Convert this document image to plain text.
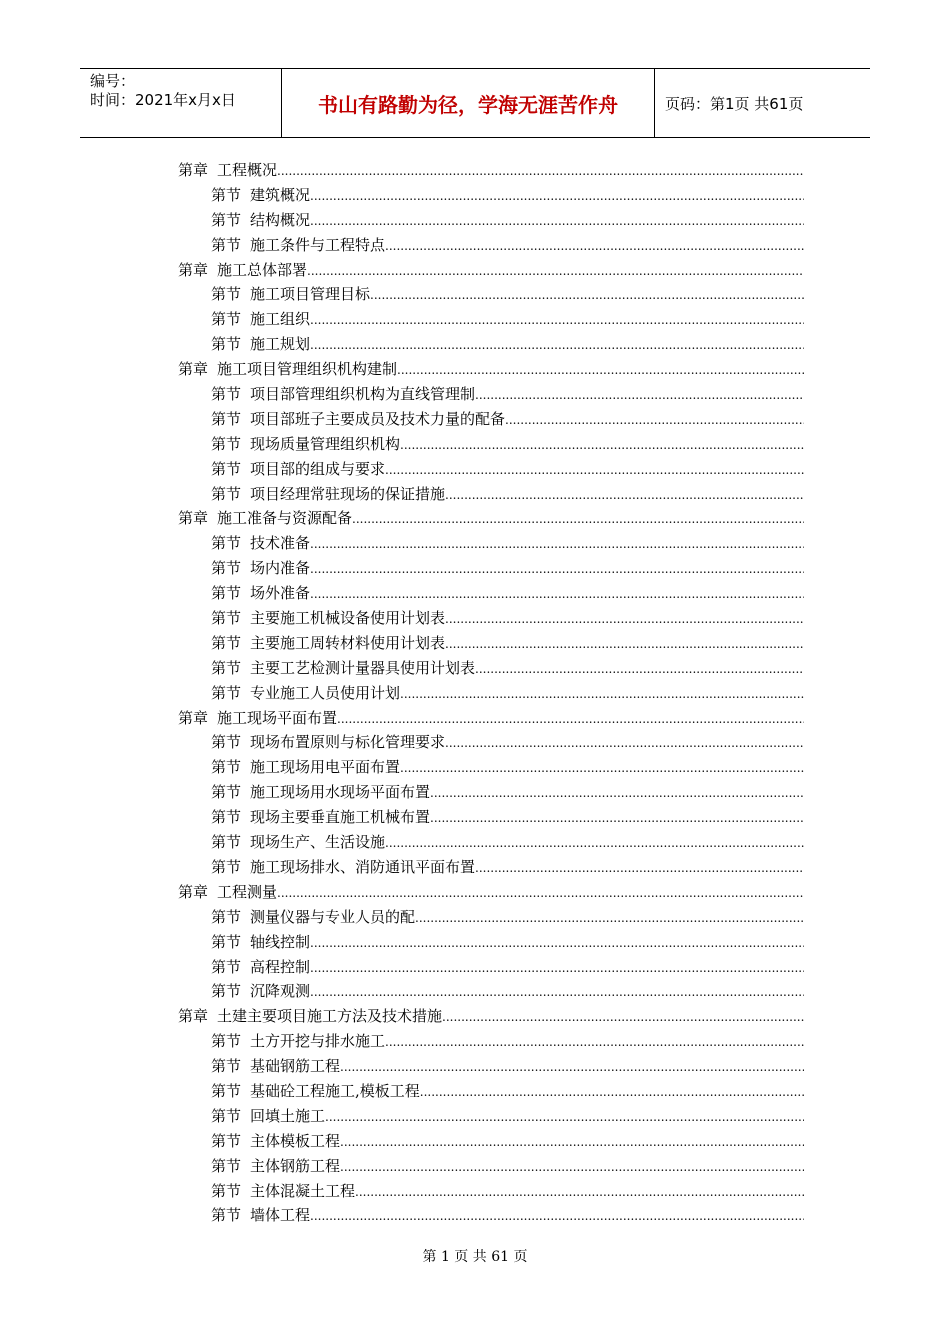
编号：
时间：2021年x月x日	书山有路勤为径，学海无涯苦作舟	页码：第1页 共61页
第章 工程概况
.....
第节 建筑概况
.....
第节 结构概况
.....
第节 施工条件与工程特点
.....
第章 施工总体部署
.....
第节 施工项目管理目标
.....
第节 施工组织
.....
第节 施工规划
.....
第章 施工项目管理组织机构建制
.....
第节 项目部管理组织机构为直线管理制
.....
第节 项目部班子主要成员及技术力量的配备
.....
第节 现场质量管理组织机构
.....
第节 项目部的组成与要求
.....
第节 项目经理常驻现场的保证措施
.....
第章 施工准备与资源配备
.....
第节 技术准备
.....
第节 场内准备
.....
第节 场外准备
.....
第节 主要施工机械设备使用计划表
.....
第节 主要施工周转材料使用计划表
.....
第节 主要工艺检测计量器具使用计划表
.....
第节 专业施工人员使用计划
.....
第章 施工现场平面布置
.....
第节 现场布置原则与标化管理要求
.....
第节 施工现场用电平面布置
.....
第节 施工现场用水现场平面布置
.....
第节 现场主要垂直施工机械布置
.....
第节 现场生产、生活设施
.....
第节 施工现场排水、消防通讯平面布置
.....
第章 工程测量
.....
第节 测量仪器与专业人员的配
.....
第节 轴线控制
.....
第节 高程控制
.....
第节 沉降观测
.....
第章 土建主要项目施工方法及技术措施
.....
第节 土方开挖与排水施工
.....
第节 基础钢筋工程
.....
第节 基础砼工程施工,模板工程
.....
第节 回填土施工
.....
第节 主体模板工程
.....
第节 主体钢筋工程
.....
第节 主体混凝土工程
.....
第节 墙体工程
.....
第 1 页 共 61 页
